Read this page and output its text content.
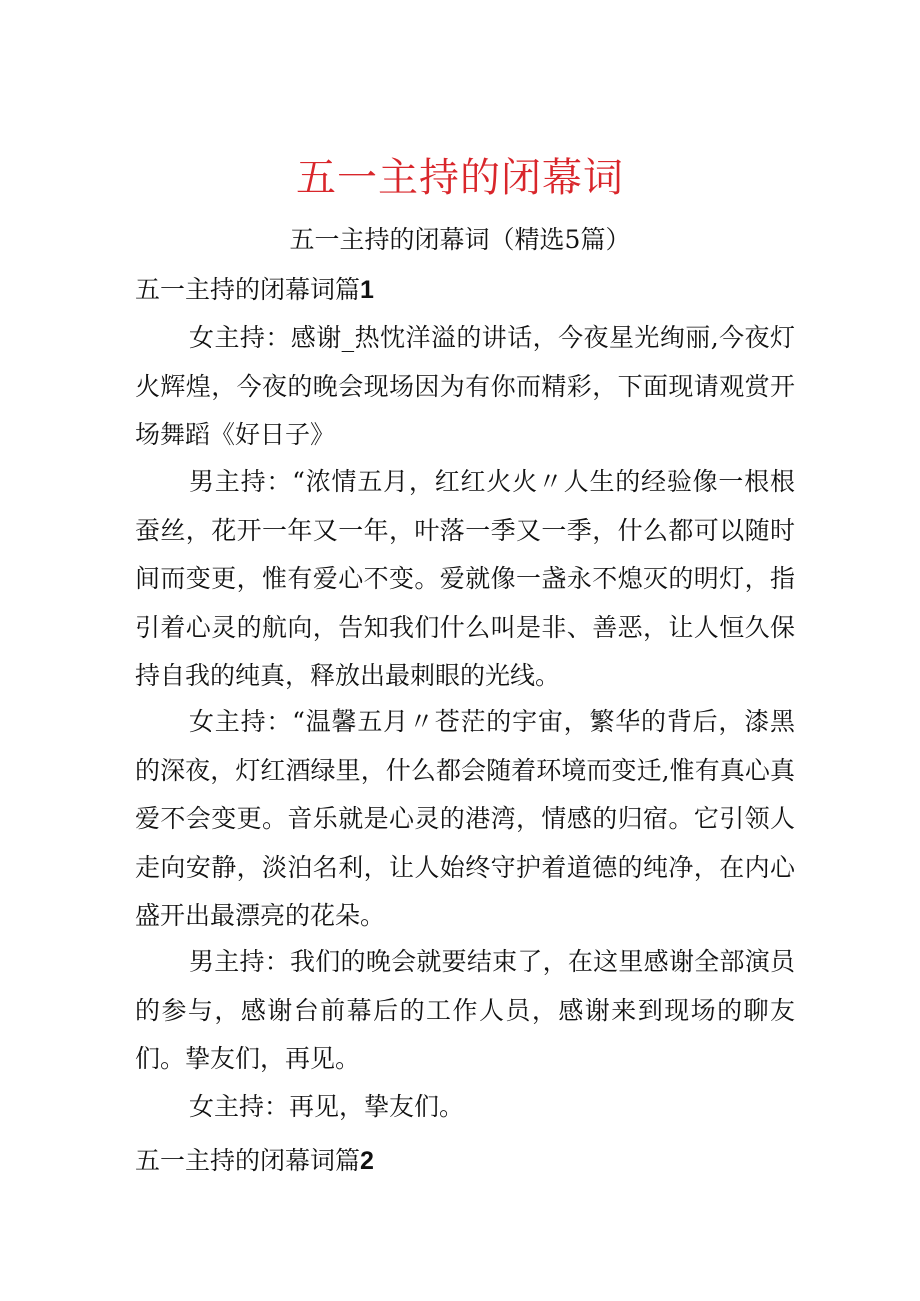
五一主持的闭幕词

五一主持的闭幕词（精选5篇）

五一主持的闭幕词篇1

女主持：感谢_热忱洋溢的讲话，今夜星光绚丽,今夜灯火辉煌，今夜的晚会现场因为有你而精彩，下面现请观赏开场舞蹈《好日子》

男主持：“浓情五月，红红火火〃人生的经验像一根根蚕丝，花开一年又一年，叶落一季又一季，什么都可以随时间而变更，惟有爱心不变。爱就像一盏永不熄灭的明灯，指引着心灵的航向，告知我们什么叫是非、善恶，让人恒久保持自我的纯真，释放出最刺眼的光线。

女主持：“温馨五月〃苍茫的宇宙，繁华的背后，漆黑的深夜，灯红酒绿里，什么都会随着环境而变迁,惟有真心真爱不会变更。音乐就是心灵的港湾，情感的归宿。它引领人走向安静，淡泊名利，让人始终守护着道德的纯净，在内心盛开出最漂亮的花朵。

男主持：我们的晚会就要结束了，在这里感谢全部演员的参与，感谢台前幕后的工作人员，感谢来到现场的聊友们。挚友们，再见。

女主持：再见，挚友们。

五一主持的闭幕词篇2
